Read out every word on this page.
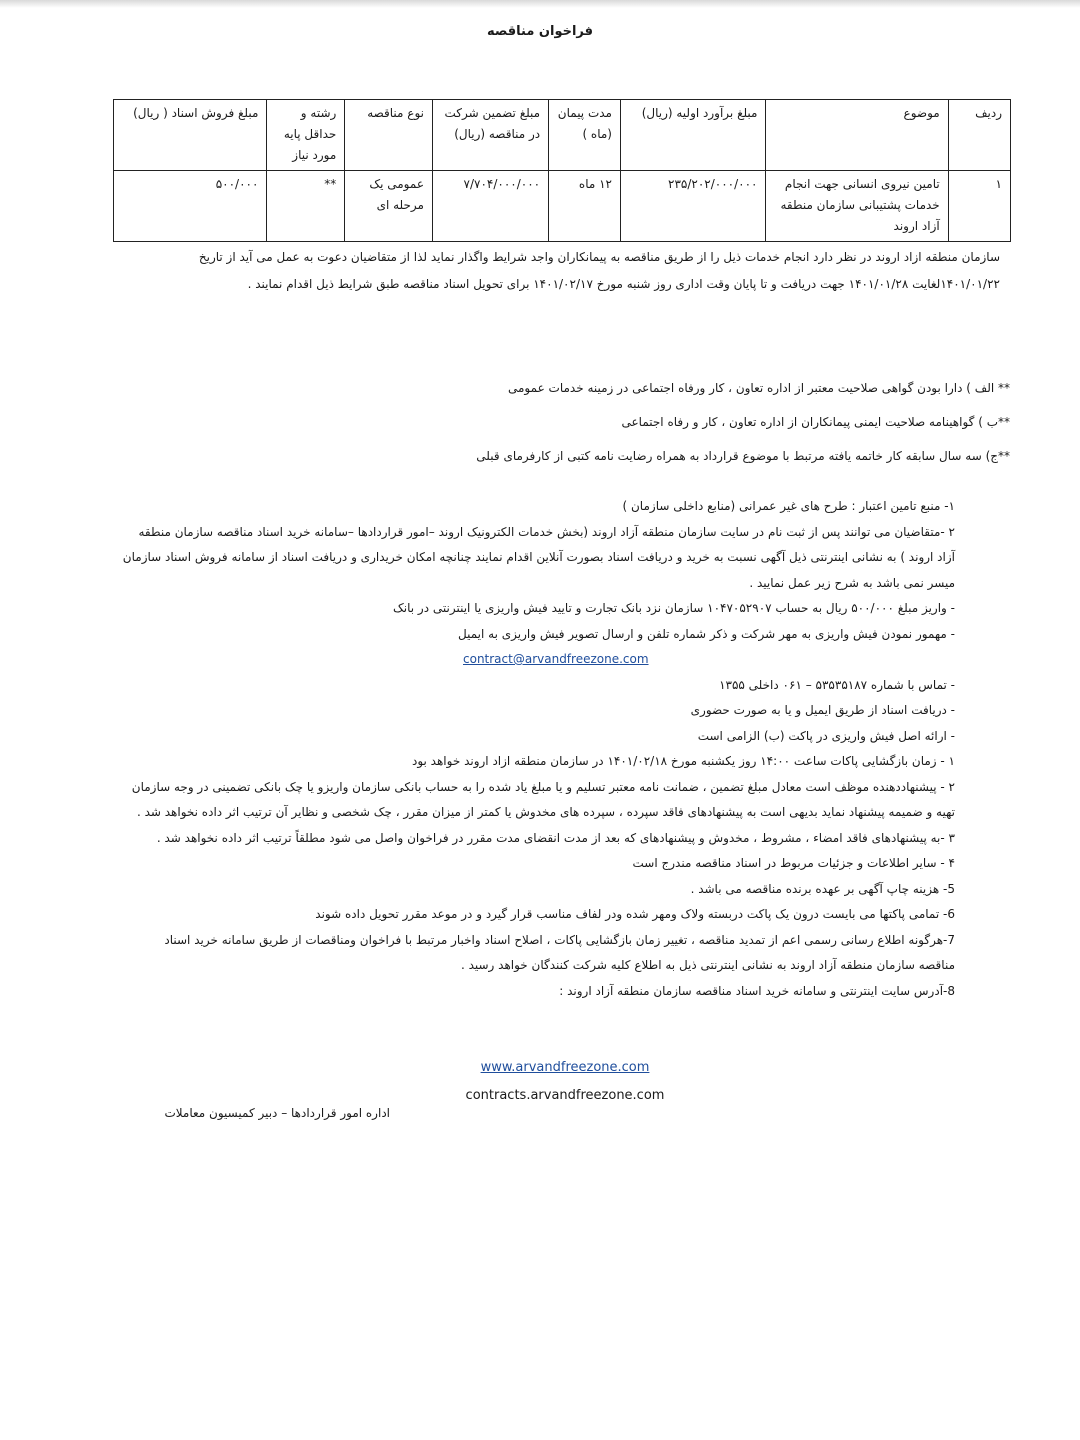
فراخوان مناقصه
ردیف	موضوع	مبلغ برآورد اولیه (ریال)	مدت پیمان (ماه )	مبلغ تضمین شرکت در مناقصه (ریال)	نوع مناقصه	رشته و حداقل پایه مورد نیاز	مبلغ فروش اسناد ( ریال)
۱	تامین نیروی انسانی جهت انجام خدمات پشتیبانی سازمان منطقه آزاد اروند	۲۳۵/۲۰۲/۰۰۰/۰۰۰	۱۲ ماه	۷/۷۰۴/۰۰۰/۰۰۰	عمومی یک مرحله ای	**	۵۰۰/۰۰۰

سازمان منطقه ازاد اروند در نظر دارد انجام خدمات ذیل را از طریق مناقصه به پیمانکاران واجد شرایط واگذار نماید لذا از متقاضیان دعوت به عمل می آید از تاریخ

۱۴۰۱/۰۱/۲۲لغایت ۱۴۰۱/۰۱/۲۸ جهت دریافت و تا پایان وقت اداری روز شنبه مورخ ۱۴۰۱/۰۲/۱۷ برای تحویل اسناد مناقصه طبق شرایط ذیل اقدام نمایند .

** الف ) دارا بودن گواهی صلاحیت معتبر از اداره تعاون ، کار ورفاه اجتماعی در زمینه خدمات عمومی

**ب ) گواهینامه صلاحیت ایمنی پیمانکاران از اداره تعاون ، کار و رفاه اجتماعی

**ج) سه سال سابقه کار خاتمه یافته مرتبط با موضوع قرارداد به همراه رضایت نامه کتبی از کارفرمای قبلی

۱- منبع تامین اعتبار : طرح های غیر عمرانی (منابع داخلی سازمان )

۲ -متقاضیان می توانند پس از ثبت نام در سایت سازمان منطقه آزاد اروند (بخش خدمات الکترونیک اروند –امور قراردادها –سامانه خرید اسناد مناقصه سازمان منطقه

آزاد اروند ) به نشانی اینترنتی ذیل آگهی نسبت به خرید و دریافت اسناد بصورت آنلاین اقدام نمایند چنانچه امکان خریداری و دریافت اسناد از سامانه فروش اسناد سازمان

میسر نمی باشد به شرح زیر عمل نمایید .

- واریز مبلغ ۵۰۰/۰۰۰ ریال به حساب ۱۰۴۷۰۵۲۹۰۷ سازمان نزد بانک تجارت و تایید فیش واریزی یا اینترنتی در بانک

- مهمور نمودن فیش واریزی به مهر شرکت و ذکر شماره تلفن و ارسال تصویر فیش واریزی به ایمیل

contract@arvandfreezone.com

- تماس با شماره ۵۳۵۳۵۱۸۷ – ۰۶۱ داخلی ۱۳۵۵

- دریافت اسناد از طریق ایمیل و یا به صورت حضوری

- ارائه اصل فیش واریزی در پاکت (ب) الزامی است

۱ - زمان بازگشایی پاکات ساعت ۱۴:۰۰ روز یکشنبه مورخ ۱۴۰۱/۰۲/۱۸ در سازمان منطقه ازاد اروند خواهد بود

۲ - پیشنهاددهنده موظف است معادل مبلغ تضمین ، ضمانت نامه معتبر تسلیم و یا مبلغ یاد شده را به حساب بانکی سازمان واریزو یا چک بانکی تضمینی در وجه سازمان

تهیه و ضمیمه پیشنهاد نماید بدیهی است به پیشنهادهای فاقد سپرده ، سپرده های مخدوش یا کمتر از میزان مقرر ، چک شخصی و نظایر آن ترتیب اثر داده نخواهد شد .

۳ -به پیشنهادهای فاقد امضاء ، مشروط ، مخدوش و پیشنهادهای که بعد از مدت انقضای مدت مقرر در فراخوان واصل می شود مطلقاً ترتیب اثر داده نخواهد شد .

۴ - سایر اطلاعات و جزئیات مربوط در اسناد مناقصه مندرج است

5- هزینه چاپ آگهی بر عهده برنده مناقصه می باشد .

6- تمامی پاکتها می بایست درون یک پاکت دربسته ولاک ومهر شده ودر لفاف مناسب قرار گیرد و در موعد مقرر تحویل داده شوند

7-هرگونه اطلاع رسانی رسمی اعم از تمدید مناقصه ، تغییر زمان بازگشایی پاکات ، اصلاح اسناد واخبار مرتبط با فراخوان ومناقصات از طریق سامانه خرید اسناد

مناقصه سازمان منطقه آزاد اروند به نشانی اینترنتی ذیل به اطلاع کلیه شرکت کنندگان خواهد رسید .

8-آدرس سایت اینترنتی و سامانه خرید اسناد مناقصه سازمان منطقه آزاد اروند :

www.arvandfreezone.com
contracts.arvandfreezone.com
اداره امور قراردادها – دبیر کمیسیون معاملات
